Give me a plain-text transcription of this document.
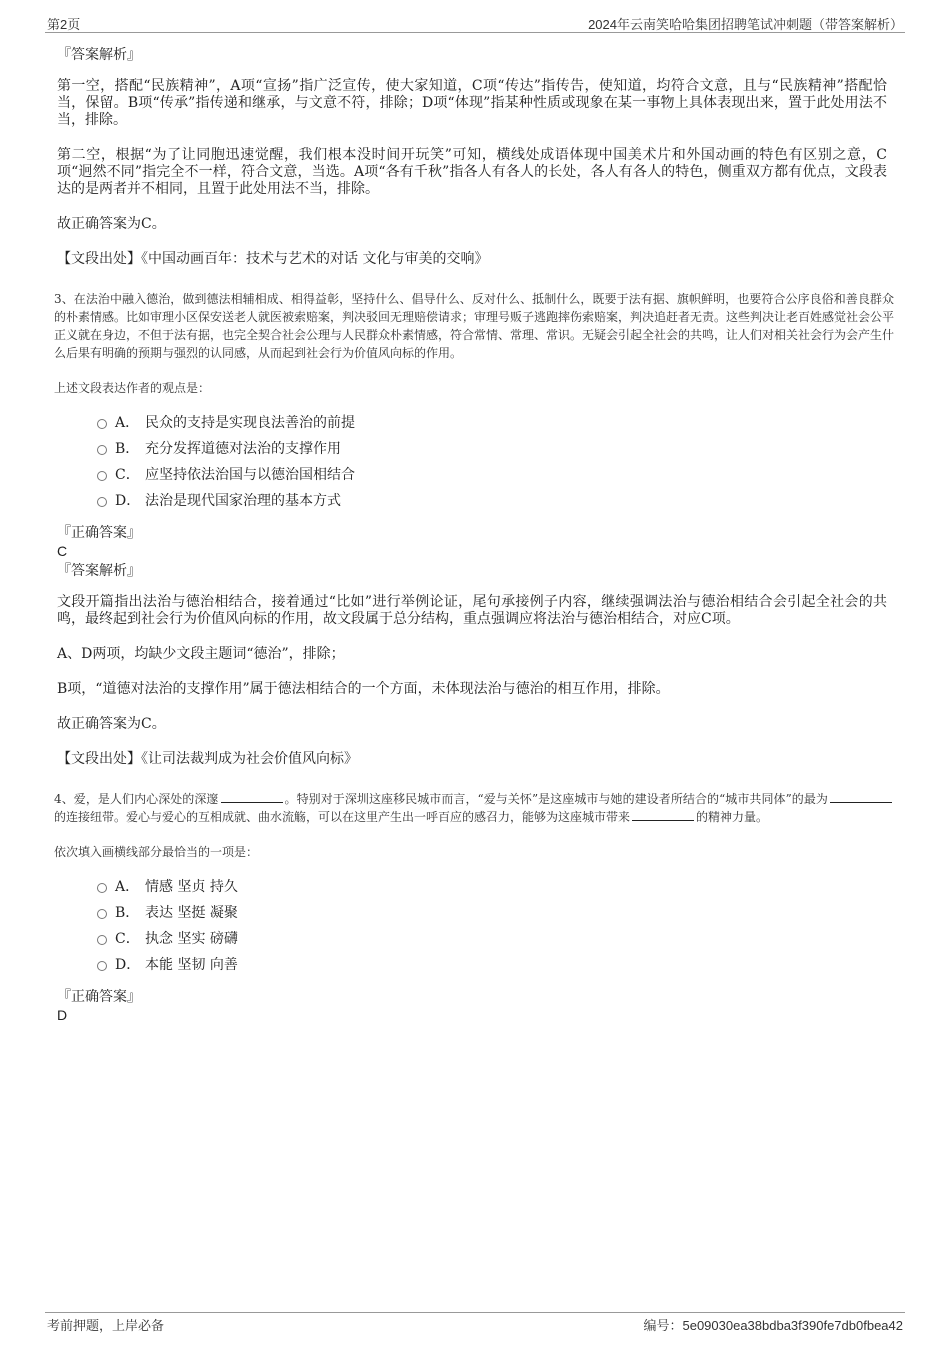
第2页	2024年云南笑哈哈集团招聘笔试冲刺题（带答案解析）
『答案解析』

第一空，搭配“民族精神”，A项“宣扬”指广泛宣传，使大家知道，C项“传达”指传告，使知道，均符合文意，且与“民族精神”搭配恰当，保留。B项“传承”指传递和继承，与文意不符，排除；D项“体现”指某种性质或现象在某一事物上具体表现出来，置于此处用法不当，排除。

第二空，根据“为了让同胞迅速觉醒，我们根本没时间开玩笑”可知，横线处成语体现中国美术片和外国动画的特色有区别之意，C项“迥然不同”指完全不一样，符合文意，当选。A项“各有千秋”指各人有各人的长处，各人有各人的特色，侧重双方都有优点，文段表达的是两者并不相同，且置于此处用法不当，排除。

故正确答案为C。

【文段出处】《中国动画百年：技术与艺术的对话 文化与审美的交响》

3、在法治中融入德治，做到德法相辅相成、相得益彰，坚持什么、倡导什么、反对什么、抵制什么，既要于法有据、旗帜鲜明，也要符合公序良俗和善良群众的朴素情感。比如审理小区保安送老人就医被索赔案，判决驳回无理赔偿请求；审理号贩子逃跑摔伤索赔案，判决追赶者无责。这些判决让老百姓感觉社会公平正义就在身边，不但于法有据，也完全契合社会公理与人民群众朴素情感，符合常情、常理、常识。无疑会引起全社会的共鸣，让人们对相关社会行为会产生什么后果有明确的预期与强烈的认同感，从而起到社会行为价值风向标的作用。

上述文段表达作者的观点是：

A． 民众的支持是实现良法善治的前提
B． 充分发挥道德对法治的支撑作用
C． 应坚持依法治国与以德治国相结合
D． 法治是现代国家治理的基本方式
『正确答案』
C
『答案解析』

文段开篇指出法治与德治相结合，接着通过“比如”进行举例论证，尾句承接例子内容，继续强调法治与德治相结合会引起全社会的共鸣，最终起到社会行为价值风向标的作用，故文段属于总分结构，重点强调应将法治与德治相结合，对应C项。

A、D两项，均缺少文段主题词“德治”，排除；

B项，“道德对法治的支撑作用”属于德法相结合的一个方面，未体现法治与德治的相互作用，排除。

故正确答案为C。

【文段出处】《让司法裁判成为社会价值风向标》

4、爱，是人们内心深处的深邃	。特别对于深圳这座移民城市而言，“爱与关怀”是这座城市与她的建设者所结合的“城市共同体”的最为的连接纽带。爱心与爱心的互相成就、曲水流觞，可以在这里产生出一呼百应的感召力，能够为这座城市带来	的精神力量。

依次填入画横线部分最恰当的一项是：

A． 情感 坚贞 持久
B． 表达 坚挺 凝聚
C． 执念 坚实 磅礴
D． 本能 坚韧 向善
『正确答案』
D
考前押题，上岸必备	编号：5e09030ea38bdba3f390fe7db0fbea42
